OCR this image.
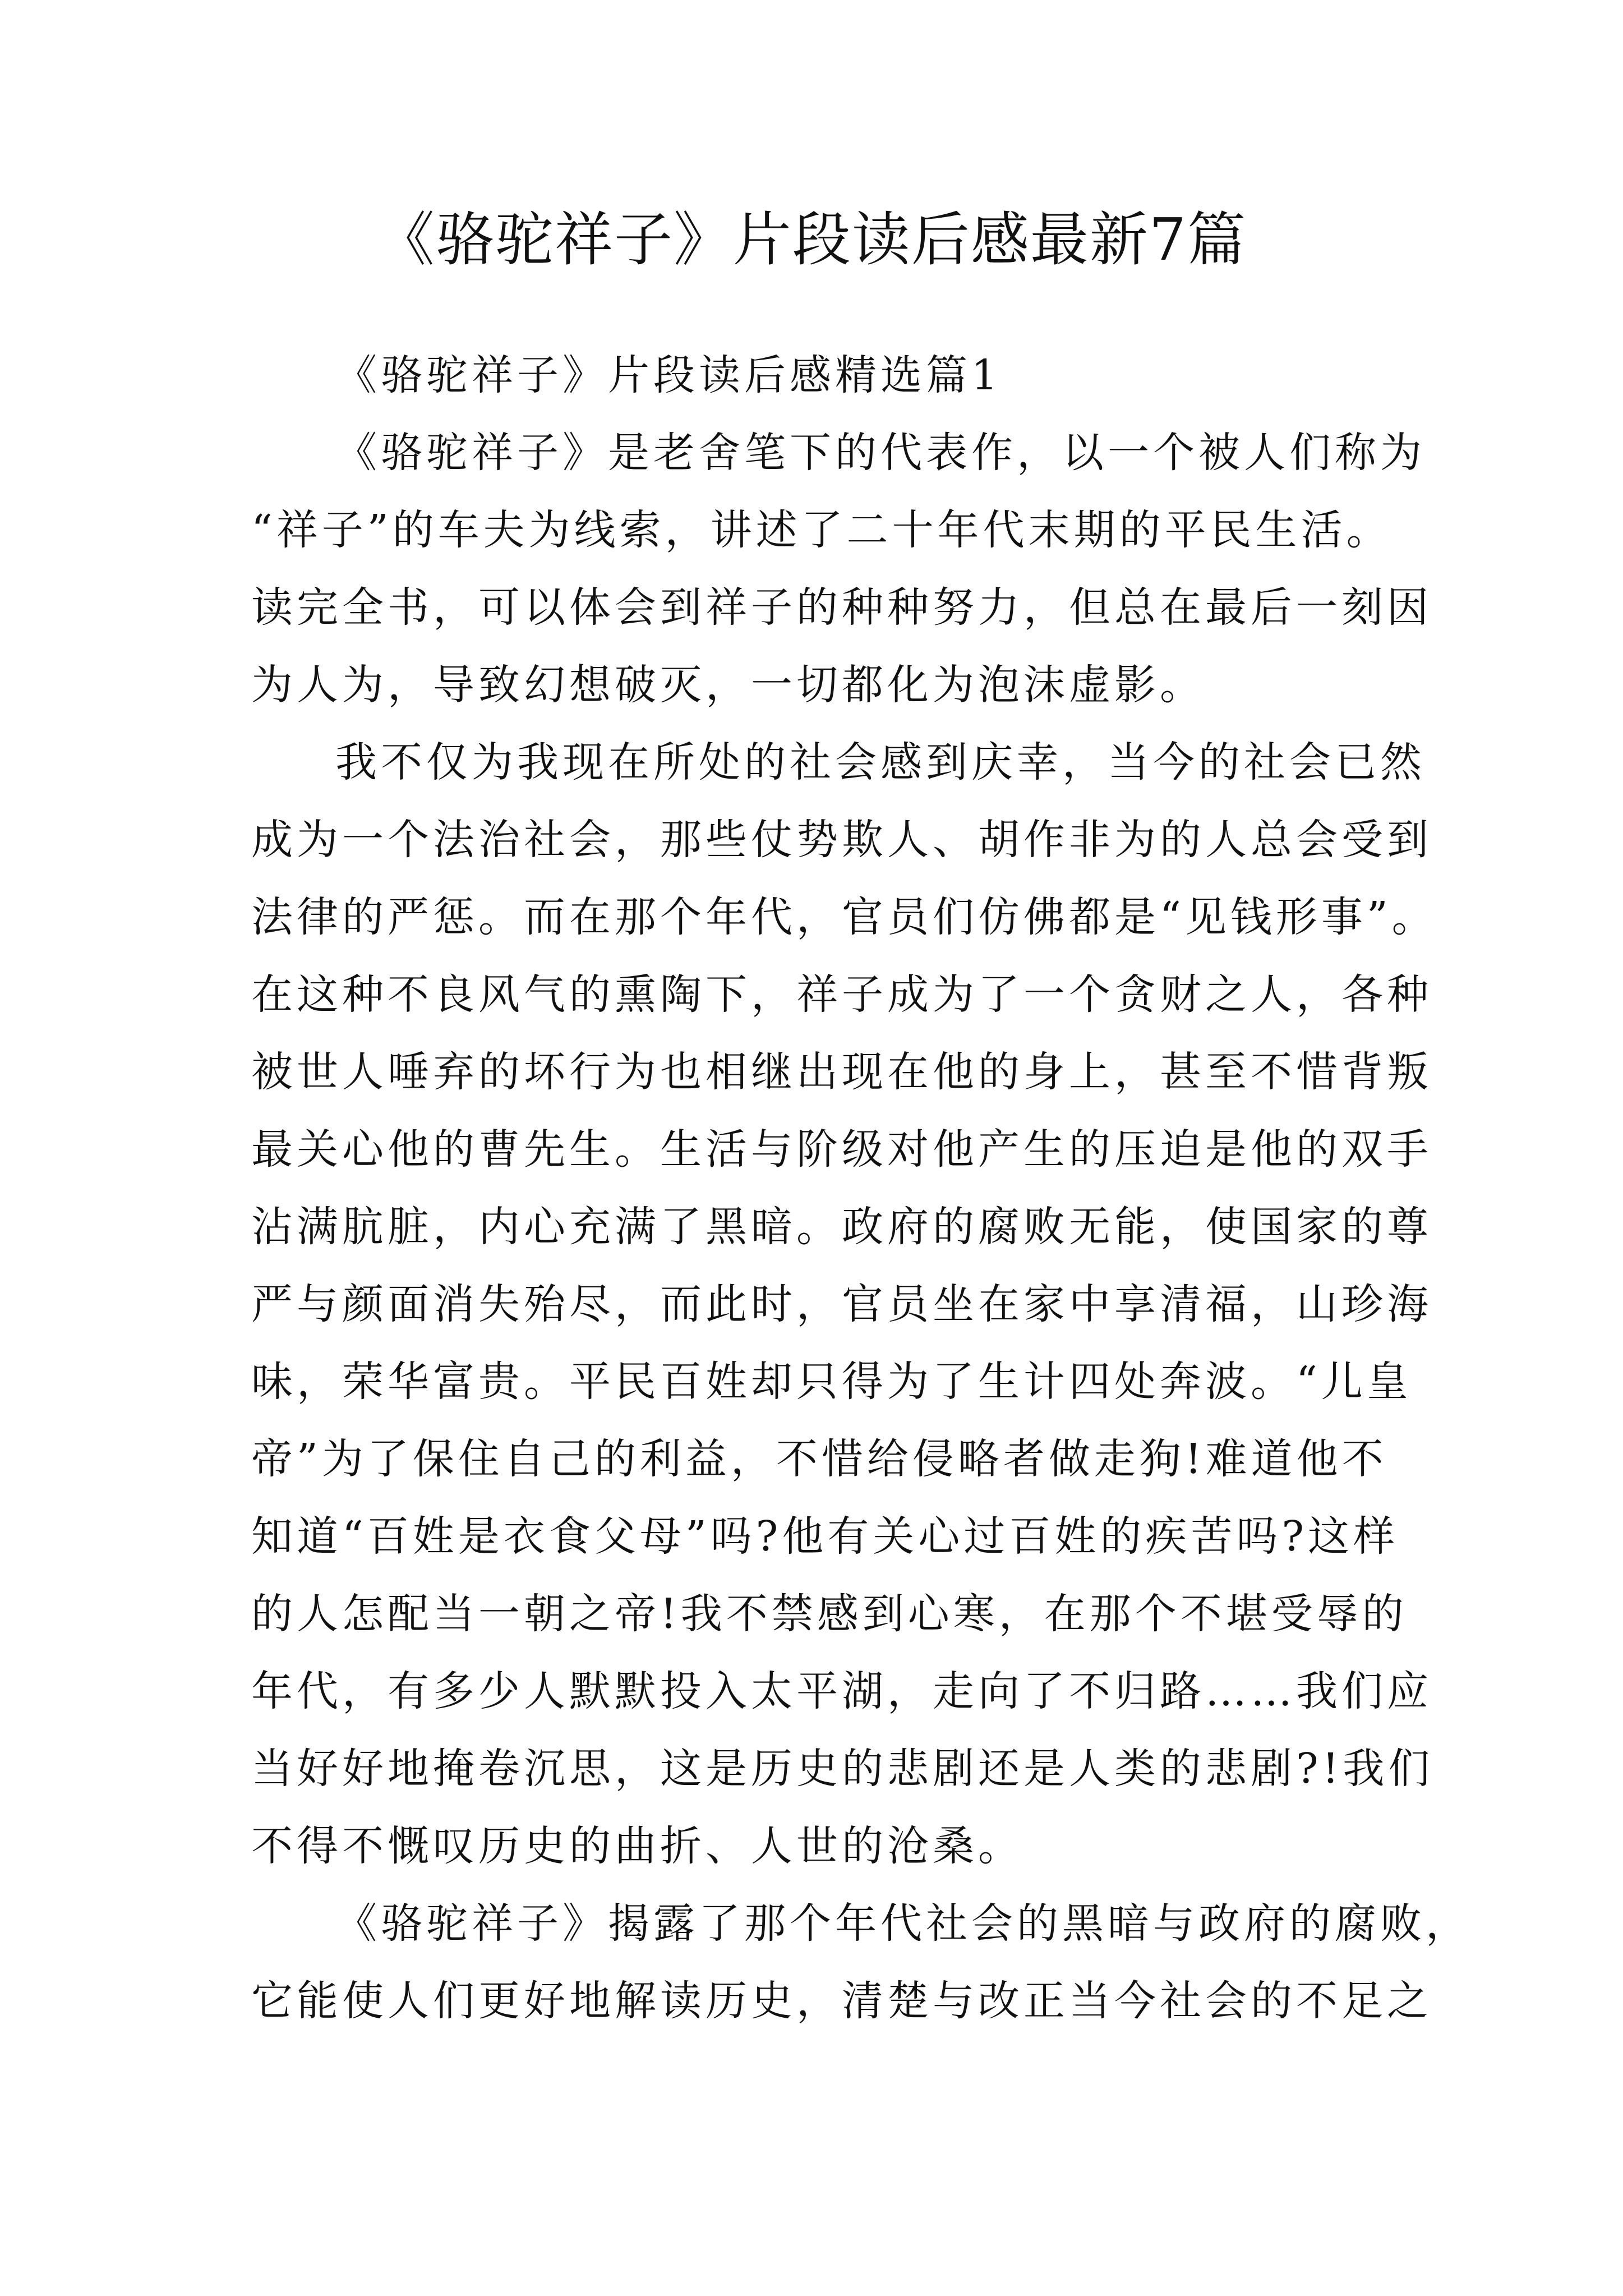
《骆驼祥子》片段读后感最新7篇
《骆驼祥子》片段读后感精选篇1
《骆驼祥子》是老舍笔下的代表作，以一个被人们称为
“祥子”的车夫为线索，讲述了二十年代末期的平民生活。
读完全书，可以体会到祥子的种种努力，但总在最后一刻因
为人为，导致幻想破灭，一切都化为泡沫虚影。
我不仅为我现在所处的社会感到庆幸，当今的社会已然
成为一个法治社会，那些仗势欺人、胡作非为的人总会受到
法律的严惩。而在那个年代，官员们仿佛都是“见钱形事”。
在这种不良风气的熏陶下，祥子成为了一个贪财之人，各种
被世人唾弃的坏行为也相继出现在他的身上，甚至不惜背叛
最关心他的曹先生。生活与阶级对他产生的压迫是他的双手
沾满肮脏，内心充满了黑暗。政府的腐败无能，使国家的尊
严与颜面消失殆尽，而此时，官员坐在家中享清福，山珍海
味，荣华富贵。平民百姓却只得为了生计四处奔波。“儿皇
帝”为了保住自己的利益，不惜给侵略者做走狗!难道他不
知道“百姓是衣食父母”吗?他有关心过百姓的疾苦吗?这样
的人怎配当一朝之帝!我不禁感到心寒，在那个不堪受辱的
年代，有多少人默默投入太平湖，走向了不归路……我们应
当好好地掩卷沉思，这是历史的悲剧还是人类的悲剧?!我们
不得不慨叹历史的曲折、人世的沧桑。
《骆驼祥子》揭露了那个年代社会的黑暗与政府的腐败，
它能使人们更好地解读历史，清楚与改正当今社会的不足之
